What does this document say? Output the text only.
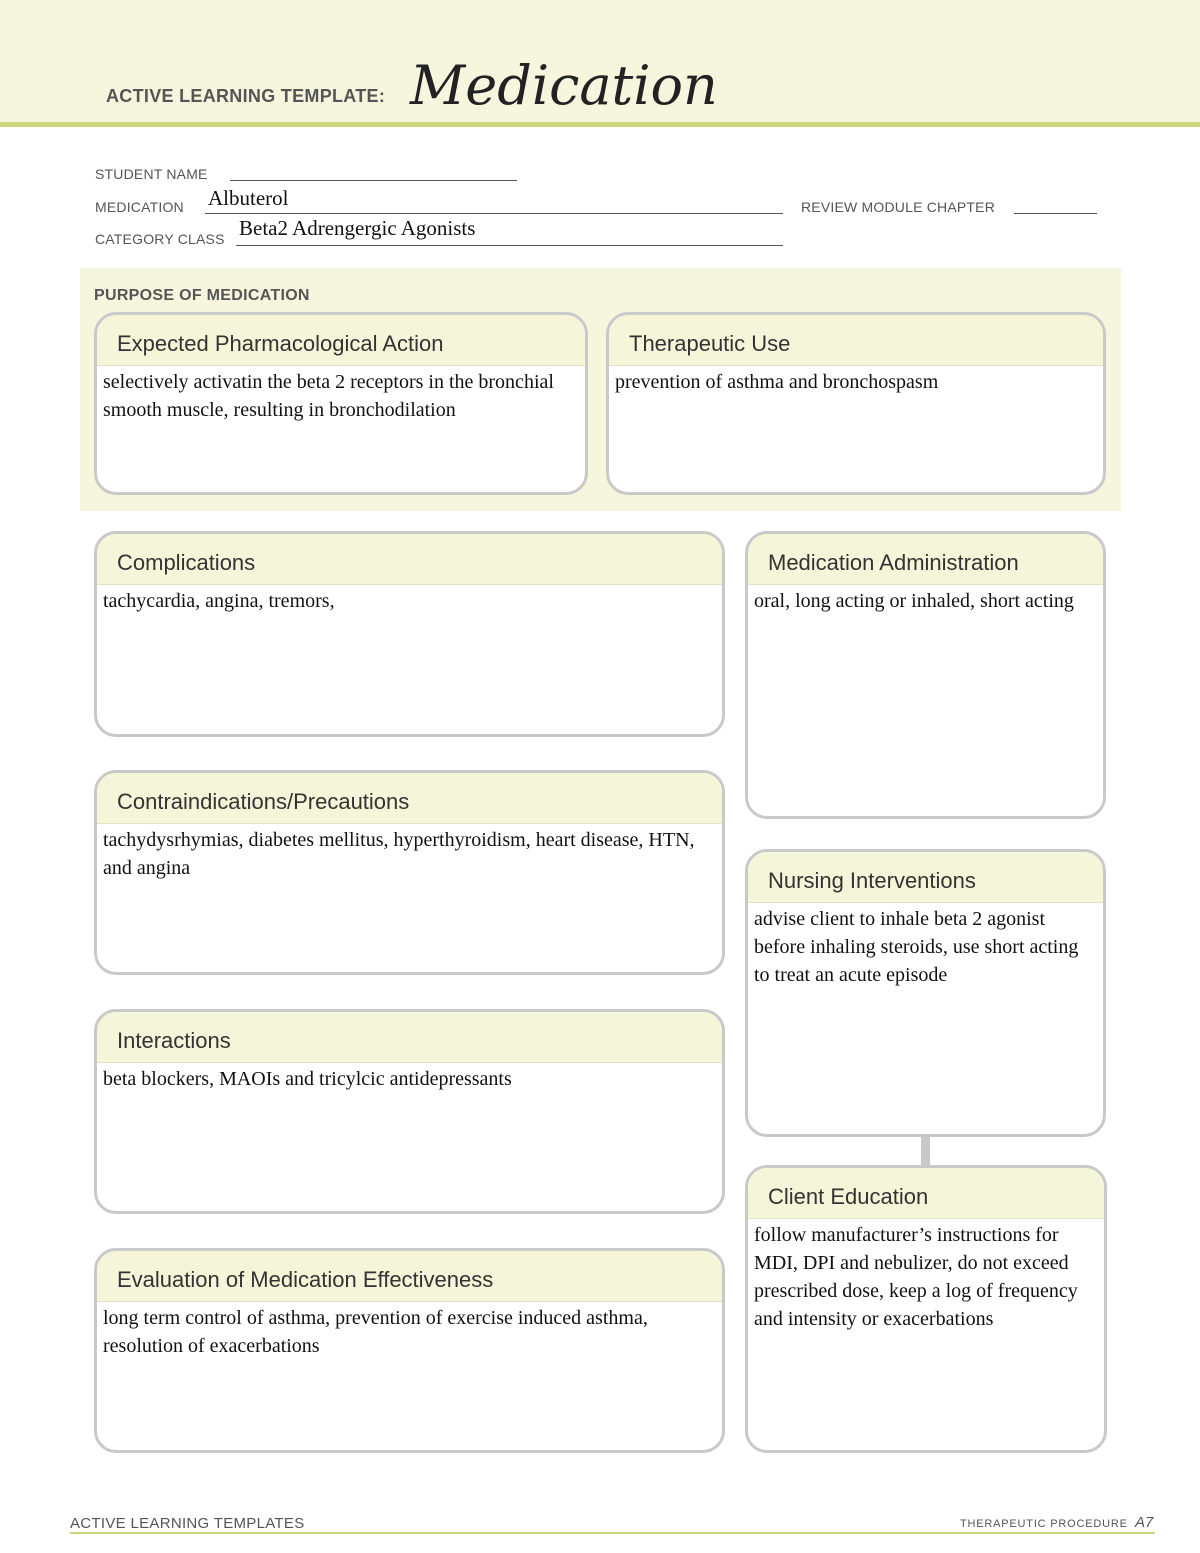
ACTIVE LEARNING TEMPLATE: Medication
STUDENT NAME
MEDICATION Albuterol	REVIEW MODULE CHAPTER
CATEGORY CLASS Beta2 Adrengergic Agonists
PURPOSE OF MEDICATION
Expected Pharmacological Action
selectively activatin the beta 2 receptors in the bronchial smooth muscle, resulting in bronchodilation
Therapeutic Use
prevention of asthma and bronchospasm
Complications
tachycardia, angina, tremors,
Contraindications/Precautions
tachydysrhymias, diabetes mellitus, hyperthyroidism, heart disease, HTN, and angina
Interactions
beta blockers, MAOIs and tricylcic antidepressants
Evaluation of Medication Effectiveness
long term control of asthma, prevention of exercise induced asthma, resolution of exacerbations
Medication Administration
oral, long acting or inhaled, short acting
Nursing Interventions
advise client to inhale beta 2 agonist before inhaling steroids, use short acting to treat an acute episode
Client Education
follow manufacturer’s instructions for MDI, DPI and nebulizer, do not exceed prescribed dose, keep a log of frequency and intensity or exacerbations
ACTIVE LEARNING TEMPLATES	THERAPEUTIC PROCEDURE A7
